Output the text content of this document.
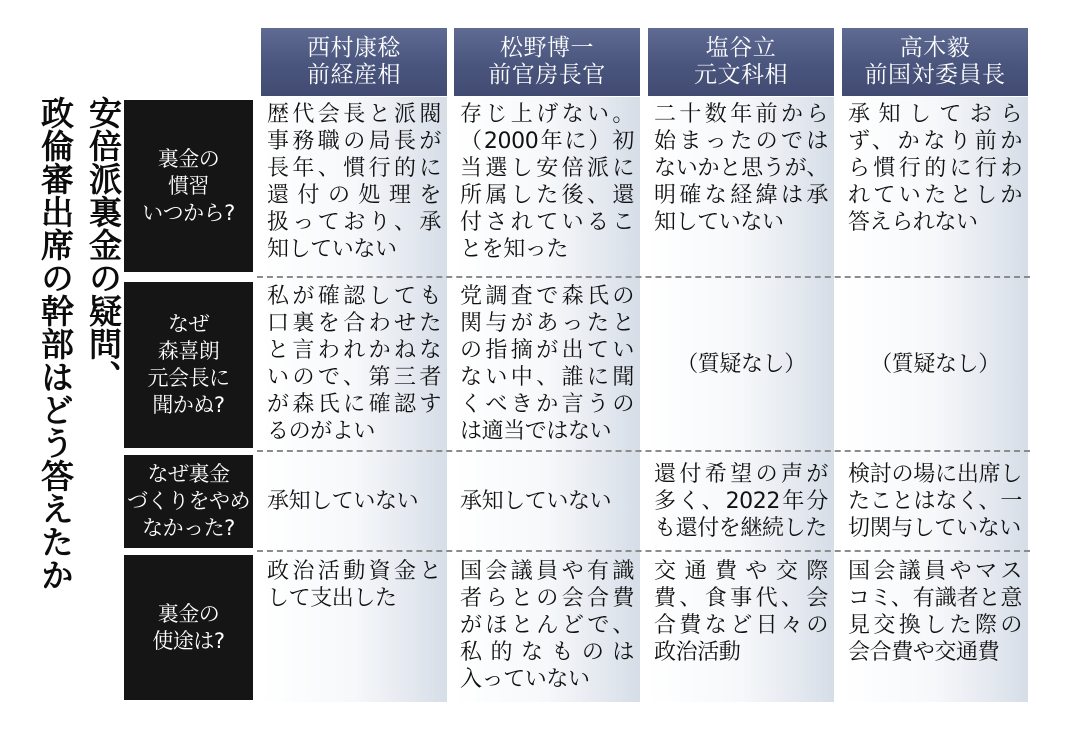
安倍派裏金の疑問、
政倫審出席の幹部はどう答えたか
西村康稔
前経産相
松野博一
前官房長官
塩谷立
元文科相
高木毅
前国対委員長
裏金の
慣習
いつから?
なぜ
森喜朗
元会長に
聞かぬ?
なぜ裏金
づくりをやめ
なかった?
裏金の
使途は?
歴代会長と派閥
事務職の局長が
長年、慣行的に
還付の処理を
扱っており、承
知していない
存じ上げない。
（2000年に）初
当選し安倍派に
所属した後、還
付されているこ
とを知った
二十数年前から
始まったのでは
ないかと思うが、
明確な経緯は承
知していない
承知しておら
ず、かなり前か
ら慣行的に行わ
れていたとしか
答えられない
私が確認しても
口裏を合わせた
と言われかねな
いので、第三者
が森氏に確認す
るのがよい
党調査で森氏の
関与があったと
の指摘が出てい
ない中、誰に聞
くべきか言うの
は適当ではない
（質疑なし）	（質疑なし）
承知していない	承知していない
還付希望の声が
多く、2022年分
も還付を継続した
検討の場に出席し
たことはなく、一
切関与していない
政治活動資金と
して支出した
国会議員や有識
者らとの会合費
がほとんどで、
私的なものは
入っていない
交通費や交際
費、食事代、会
合費など日々の
政治活動
国会議員やマス
コミ、有識者と意
見交換した際の
会合費や交通費
